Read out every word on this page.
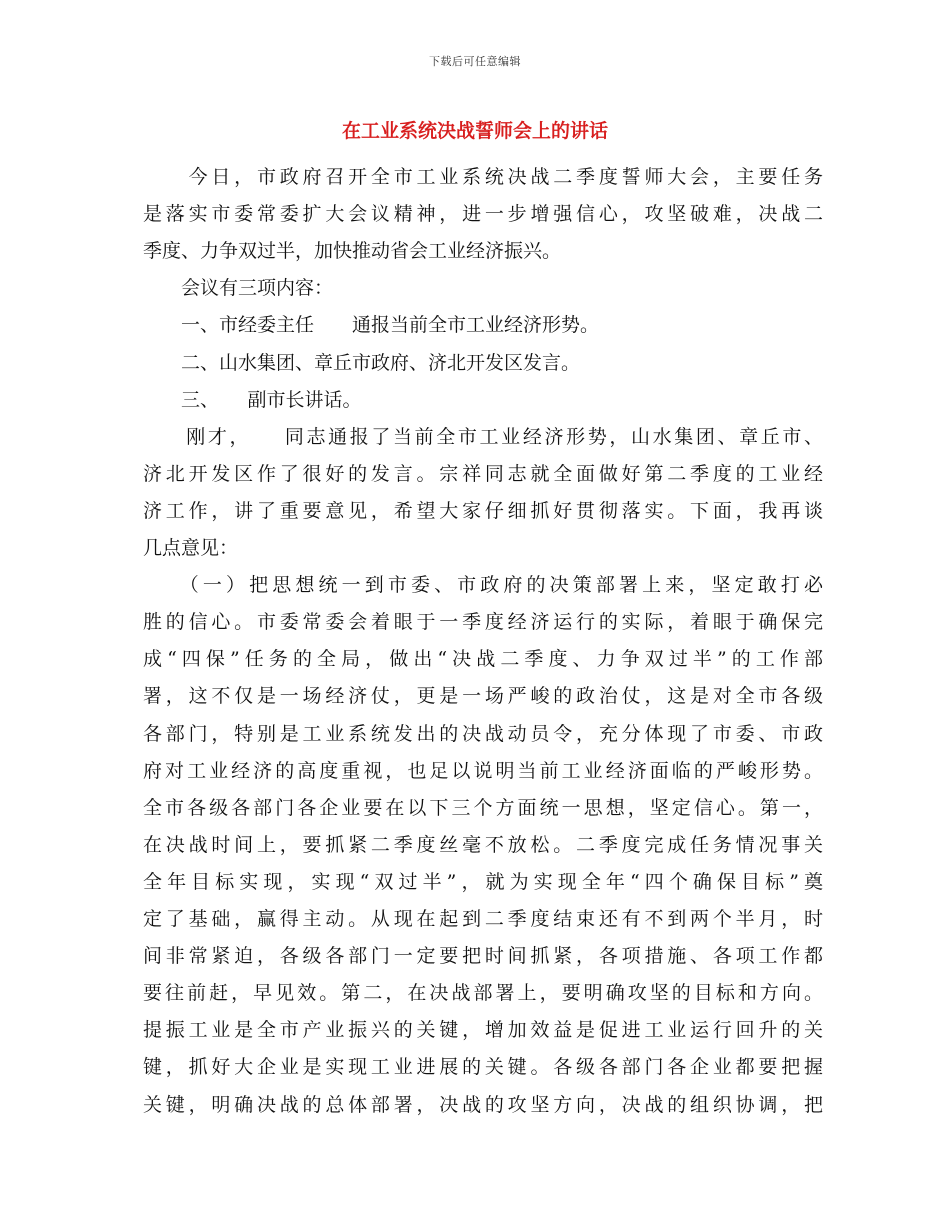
下载后可任意编辑
在工业系统决战誓师会上的讲话
　　今日，市政府召开全市工业系统决战二季度誓师大会，主要任务
是落实市委常委扩大会议精神，进一步增强信心，攻坚破难，决战二
季度、力争双过半，加快推动省会工业经济振兴。
　　会议有三项内容：
　　一、市经委主任　　通报当前全市工业经济形势。
　　二、山水集团、章丘市政府、济北开发区发言。
　　三、　　副市长讲话。
　　刚才，　　同志通报了当前全市工业经济形势，山水集团、章丘市、
济北开发区作了很好的发言。宗祥同志就全面做好第二季度的工业经
济工作，讲了重要意见，希望大家仔细抓好贯彻落实。下面，我再谈
几点意见：
　　（一）把思想统一到市委、市政府的决策部署上来，坚定敢打必
胜的信心。市委常委会着眼于一季度经济运行的实际，着眼于确保完
成“四保”任务的全局，做出“决战二季度、力争双过半”的工作部
署，这不仅是一场经济仗，更是一场严峻的政治仗，这是对全市各级
各部门，特别是工业系统发出的决战动员令，充分体现了市委、市政
府对工业经济的高度重视，也足以说明当前工业经济面临的严峻形势。
全市各级各部门各企业要在以下三个方面统一思想，坚定信心。第一，
在决战时间上，要抓紧二季度丝毫不放松。二季度完成任务情况事关
全年目标实现，实现“双过半”，就为实现全年“四个确保目标”奠
定了基础，赢得主动。从现在起到二季度结束还有不到两个半月，时
间非常紧迫，各级各部门一定要把时间抓紧，各项措施、各项工作都
要往前赶，早见效。第二，在决战部署上，要明确攻坚的目标和方向。
提振工业是全市产业振兴的关键，增加效益是促进工业运行回升的关
键，抓好大企业是实现工业进展的关键。各级各部门各企业都要把握
关键，明确决战的总体部署，决战的攻坚方向，决战的组织协调，把
